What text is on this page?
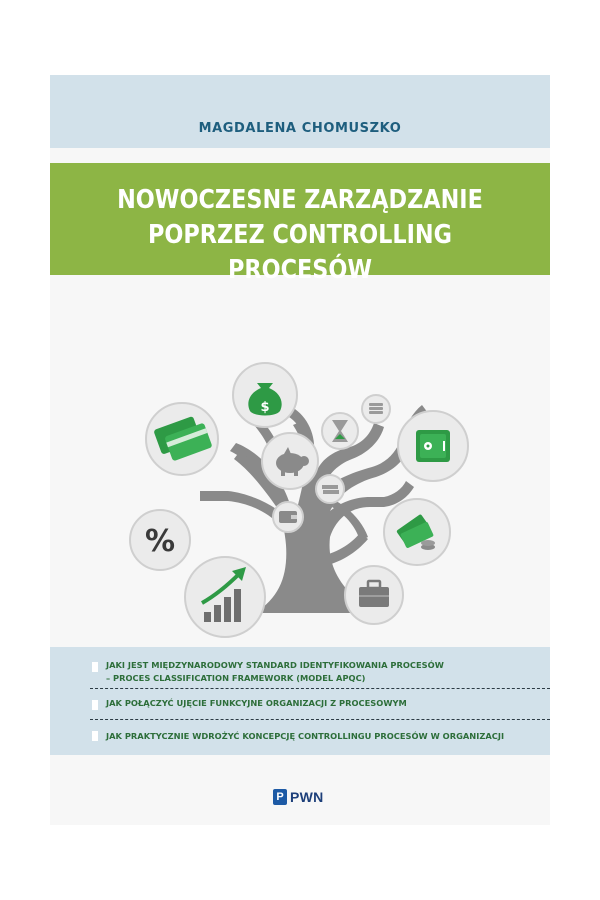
MAGDALENA CHOMUSZKO
NOWOCZESNE ZARZĄDZANIE
POPRZEZ CONTROLLING PROCESÓW
$
%
JAKI JEST MIĘDZYNARODOWY STANDARD IDENTYFIKOWANIA PROCESÓW
– PROCES CLASSIFICATION FRAMEWORK (MODEL APQC)
JAK POŁĄCZYĆ UJĘCIE FUNKCYJNE ORGANIZACJI Z PROCESOWYM
JAK PRAKTYCZNIE WDROŻYĆ KONCEPCJĘ CONTROLLINGU PROCESÓW W ORGANIZACJI
P PWN
